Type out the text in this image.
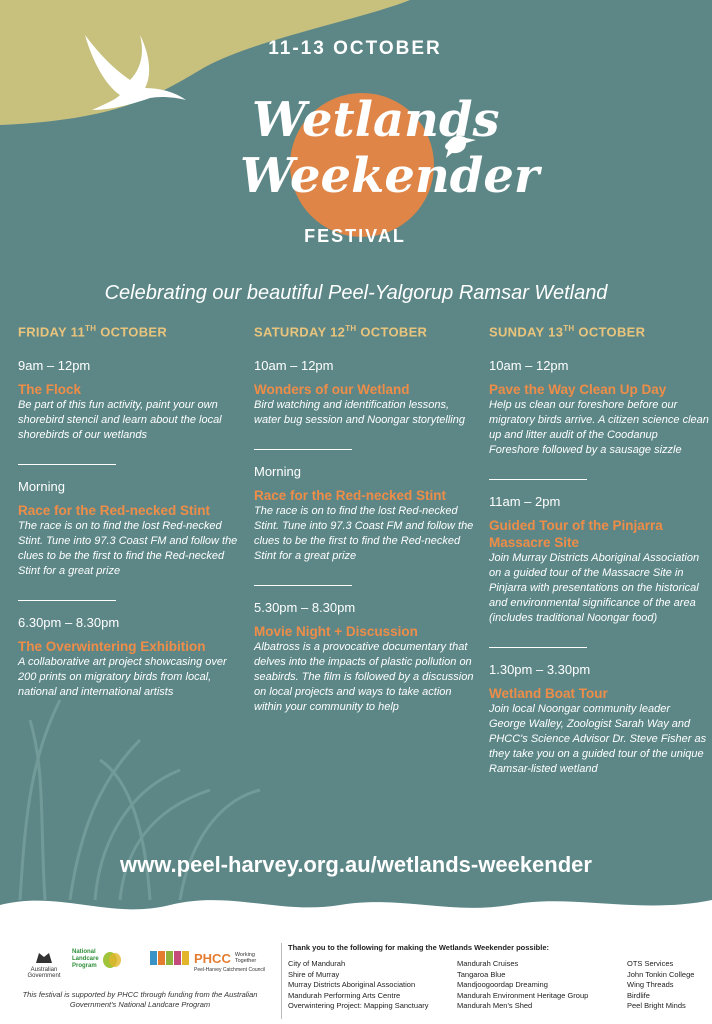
11-13 OCTOBER
Wetlands
Weekender
FESTIVAL
Celebrating our beautiful Peel-Yalgorup Ramsar Wetland
FRIDAY 11TH OCTOBER
9am – 12pm
The Flock
Be part of this fun activity, paint your own shorebird stencil and learn about the local shorebirds of our wetlands
Morning
Race for the Red-necked Stint
The race is on to find the lost Red-necked Stint. Tune into 97.3 Coast FM and follow the clues to be the first to find the Red-necked Stint for a great prize
6.30pm – 8.30pm
The Overwintering Exhibition
A collaborative art project showcasing over 200 prints on migratory birds from local, national and international artists
SATURDAY 12TH OCTOBER
10am – 12pm
Wonders of our Wetland
Bird watching and identification lessons, water bug session and Noongar storytelling
Morning
Race for the Red-necked Stint
The race is on to find the lost Red-necked Stint. Tune into 97.3 Coast FM and follow the clues to be the first to find the Red-necked Stint for a great prize
5.30pm – 8.30pm
Movie Night + Discussion
Albatross is a provocative documentary that delves into the impacts of plastic pollution on seabirds. The film is followed by a discussion on local projects and ways to take action within your community to help
SUNDAY 13TH OCTOBER
10am – 12pm
Pave the Way Clean Up Day
Help us clean our foreshore before our migratory birds arrive. A citizen science clean up and litter audit of the Coodanup Foreshore followed by a sausage sizzle
11am – 2pm
Guided Tour of the Pinjarra Massacre Site
Join Murray Districts Aboriginal Association on a guided tour of the Massacre Site in Pinjarra with presentations on the historical and environmental significance of the area (includes traditional Noongar food)
1.30pm – 3.30pm
Wetland Boat Tour
Join local Noongar community leader George Walley, Zoologist Sarah Way and PHCC's Science Advisor Dr. Steve Fisher as they take you on a guided tour of the unique Ramsar-listed wetland
www.peel-harvey.org.au/wetlands-weekender
Australian Government
National
Landcare
Program
PHCC Working Together
Peel-Harvey Catchment Council
This festival is supported by PHCC through funding from the Australian Government's National Landcare Program
Thank you to the following for making the Wetlands Weekender possible:
City of Mandurah
Shire of Murray
Murray Districts Aboriginal Association
Mandurah Performing Arts Centre
Overwintering Project: Mapping Sanctuary
Mandurah Cruises
Tangaroa Blue
Mandjoogoordap Dreaming
Mandurah Environment Heritage Group
Mandurah Men's Shed
OTS Services
John Tonkin College
Wing Threads
Birdlife
Peel Bright Minds
